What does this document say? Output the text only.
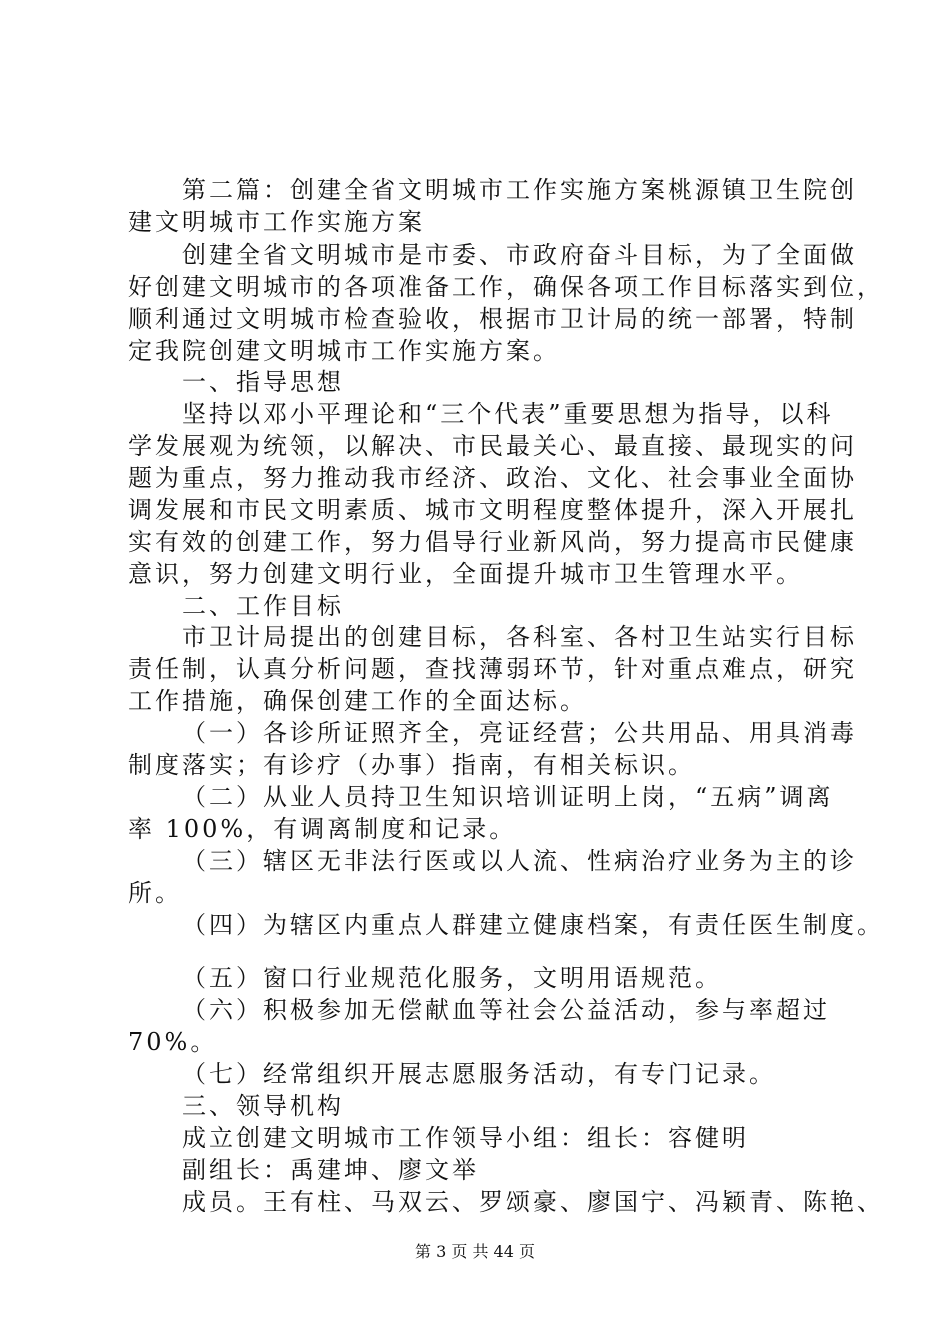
第二篇：创建全省文明城市工作实施方案桃源镇卫生院创
建文明城市工作实施方案
创建全省文明城市是市委、市政府奋斗目标，为了全面做
好创建文明城市的各项准备工作，确保各项工作目标落实到位，
顺利通过文明城市检查验收，根据市卫计局的统一部署，特制
定我院创建文明城市工作实施方案。
一、指导思想
坚持以邓小平理论和“三个代表”重要思想为指导，以科
学发展观为统领，以解决、市民最关心、最直接、最现实的问
题为重点，努力推动我市经济、政治、文化、社会事业全面协
调发展和市民文明素质、城市文明程度整体提升，深入开展扎
实有效的创建工作，努力倡导行业新风尚，努力提高市民健康
意识，努力创建文明行业，全面提升城市卫生管理水平。
二、工作目标
市卫计局提出的创建目标，各科室、各村卫生站实行目标
责任制，认真分析问题，查找薄弱环节，针对重点难点，研究
工作措施，确保创建工作的全面达标。
（一）各诊所证照齐全，亮证经营；公共用品、用具消毒
制度落实；有诊疗（办事）指南，有相关标识。
（二）从业人员持卫生知识培训证明上岗，“五病”调离
率 100%，有调离制度和记录。
（三）辖区无非法行医或以人流、性病治疗业务为主的诊
所。
（四）为辖区内重点人群建立健康档案，有责任医生制度。
（五）窗口行业规范化服务，文明用语规范。
（六）积极参加无偿献血等社会公益活动，参与率超过
70%。
（七）经常组织开展志愿服务活动，有专门记录。
三、领导机构
成立创建文明城市工作领导小组：组长：容健明
副组长：禹建坤、廖文举
成员。王有柱、马双云、罗颂豪、廖国宁、冯颖青、陈艳、
第 3 页 共 44 页
